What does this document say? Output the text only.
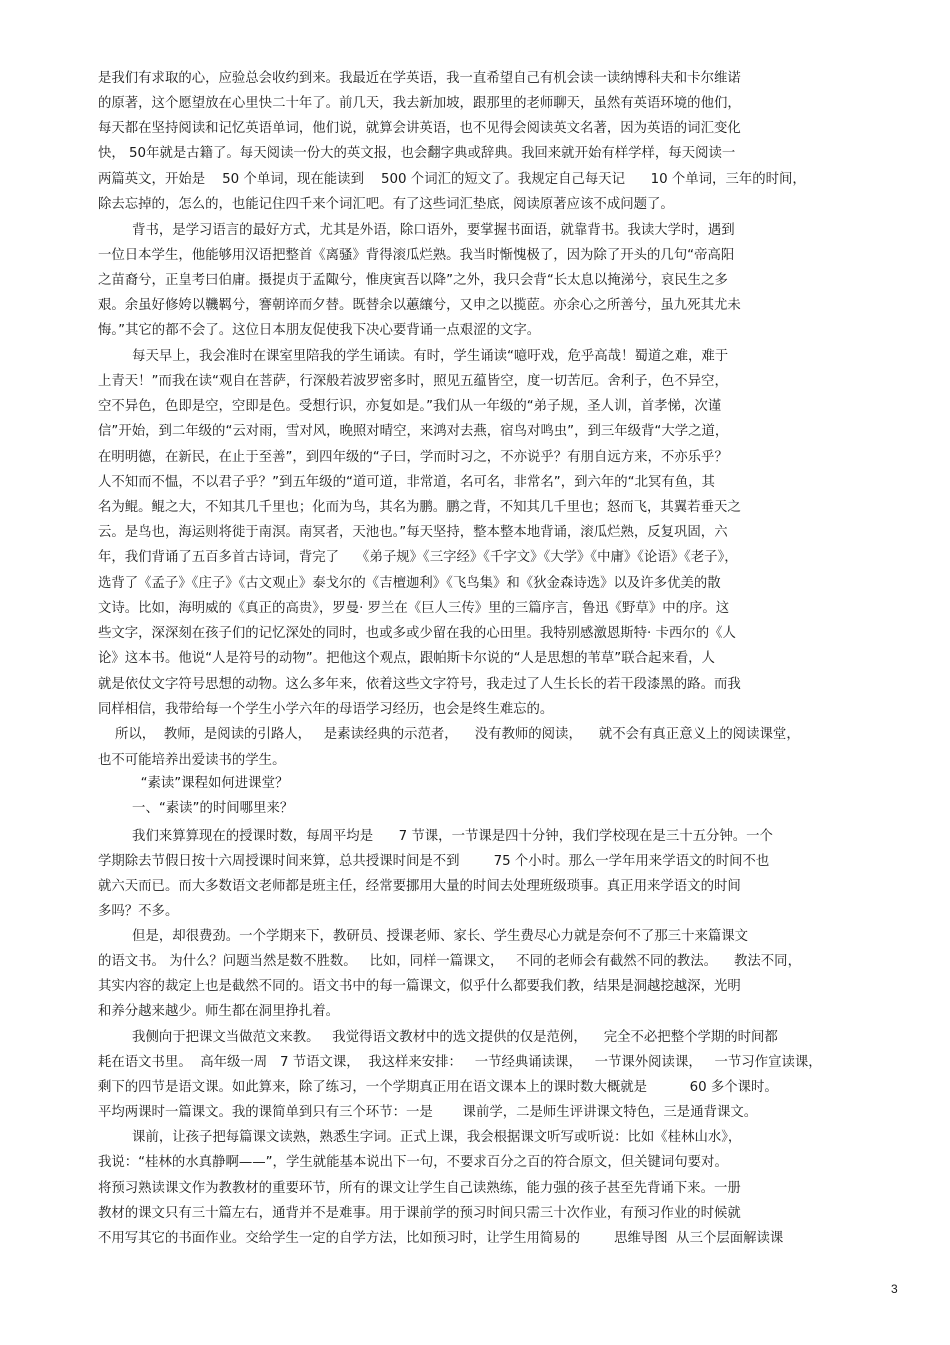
是我们有求取的心，应验总会收约到来。我最近在学英语，我一直希望自己有机会读一读纳博科夫和卡尔维诺
的原著，这个愿望放在心里快二十年了。前几天，我去新加坡，跟那里的老师聊天，虽然有英语环境的他们，
每天都在坚持阅读和记忆英语单词，他们说，就算会讲英语，也不见得会阅读英文名著，因为英语的词汇变化
快， 50年就是古籍了。每天阅读一份大的英文报，也会翻字典或辞典。我回来就开始有样学样，每天阅读一
两篇英文，开始是    50 个单词，现在能读到    500 个词汇的短文了。我规定自己每天记      10 个单词，三年的时间，
除去忘掉的，怎么的，也能记住四千来个词汇吧。有了这些词汇垫底，阅读原著应该不成问题了。
背书，是学习语言的最好方式，尤其是外语，除口语外，要掌握书面语，就靠背书。我读大学时，遇到
一位日本学生，他能够用汉语把整首《离骚》背得滚瓜烂熟。我当时惭愧极了，因为除了开头的几句“帝高阳
之苗裔兮，正皇考曰伯庸。摄提贞于孟陬兮，惟庚寅吾以降”之外，我只会背“长太息以掩涕兮，哀民生之多
艰。余虽好修姱以鞿羁兮，謇朝谇而夕替。既替余以蕙纕兮，又申之以揽茝。亦余心之所善兮，虽九死其尤未
悔。”其它的都不会了。这位日本朋友促使我下决心要背诵一点艰涩的文字。
每天早上，我会准时在课室里陪我的学生诵读。有时，学生诵读“噫吁戏，危乎高哉！蜀道之难，难于
上青天！”而我在读“观自在菩萨，行深般若波罗密多时，照见五蕴皆空，度一切苦厄。舍利子，色不异空，
空不异色，色即是空，空即是色。受想行识，亦复如是。”我们从一年级的“弟子规，圣人训，首孝悌，次谨
信”开始，到二年级的“云对雨，雪对风，晚照对晴空，来鸿对去燕，宿鸟对鸣虫”，到三年级背“大学之道，
在明明德，在新民，在止于至善”，到四年级的“子曰，学而时习之，不亦说乎？有朋自远方来，不亦乐乎？
人不知而不愠，不以君子乎？”到五年级的“道可道，非常道，名可名，非常名”，到六年的“北冥有鱼，其
名为鲲。鲲之大，不知其几千里也；化而为鸟，其名为鹏。鹏之背，不知其几千里也；怒而飞，其翼若垂天之
云。是鸟也，海运则将徙于南溟。南冥者，天池也。”每天坚持，整本整本地背诵，滚瓜烂熟，反复巩固，六
年，我们背诵了五百多首古诗词，背完了    《弟子规》《三字经》《千字文》《大学》《中庸》《论语》《老子》，
选背了《孟子》《庄子》《古文观止》泰戈尔的《吉檀迦利》《飞鸟集》和《狄金森诗选》以及许多优美的散
文诗。比如，海明威的《真正的高贵》，罗曼· 罗兰在《巨人三传》里的三篇序言，鲁迅《野草》中的序。这
些文字，深深刻在孩子们的记忆深处的同时，也或多或少留在我的心田里。我特别感激恩斯特· 卡西尔的《人
论》这本书。他说“人是符号的动物”。把他这个观点，跟帕斯卡尔说的“人是思想的苇草”联合起来看，人
就是依仗文字符号思想的动物。这么多年来，依着这些文字符号，我走过了人生长长的若干段漆黑的路。而我
同样相信，我带给每一个学生小学六年的母语学习经历，也会是终生难忘的。
所以，  教师，是阅读的引路人，   是素读经典的示范者，    没有教师的阅读，    就不会有真正意义上的阅读课堂，
也不可能培养出爱读书的学生。
“素读”课程如何进课堂？
一、“素读”的时间哪里来？
我们来算算现在的授课时数，每周平均是      7 节课，一节课是四十分钟，我们学校现在是三十五分钟。一个
学期除去节假日按十六周授课时间来算，总共授课时间是不到        75 个小时。那么一学年用来学语文的时间不也
就六天而已。而大多数语文老师都是班主任，经常要挪用大量的时间去处理班级琐事。真正用来学语文的时间
多吗？不多。
但是，却很费劲。一个学期来下，教研员、授课老师、家长、学生费尽心力就是奈何不了那三十来篇课文
的语文书。 为什么？问题当然是数不胜数。   比如，同样一篇课文，   不同的老师会有截然不同的教法。    教法不同，
其实内容的裁定上也是截然不同的。语文书中的每一篇课文，似乎什么都要我们教，结果是洞越挖越深，光明
和养分越来越少。师生都在洞里挣扎着。
我侧向于把课文当做范文来教。   我觉得语文教材中的选文提供的仅是范例，    完全不必把整个学期的时间都
耗在语文书里。  高年级一周   7 节语文课，  我这样来安排：   一节经典诵读课，   一节课外阅读课，   一节习作宣读课，
剩下的四节是语文课。如此算来，除了练习，一个学期真正用在语文课本上的课时数大概就是          60 多个课时。
平均两课时一篇课文。我的课简单到只有三个环节：一是       课前学，二是师生评讲课文特色，三是通背课文。
课前，让孩子把每篇课文读熟，熟悉生字词。正式上课，我会根据课文听写或听说：比如《桂林山水》，
我说：“桂林的水真静啊——”，学生就能基本说出下一句，不要求百分之百的符合原文，但关键词句要对。
将预习熟读课文作为教教材的重要环节，所有的课文让学生自己读熟练，能力强的孩子甚至先背诵下来。一册
教材的课文只有三十篇左右，通背并不是难事。用于课前学的预习时间只需三十次作业，有预习作业的时候就
不用写其它的书面作业。交给学生一定的自学方法，比如预习时，让学生用简易的        思维导图  从三个层面解读课
3
